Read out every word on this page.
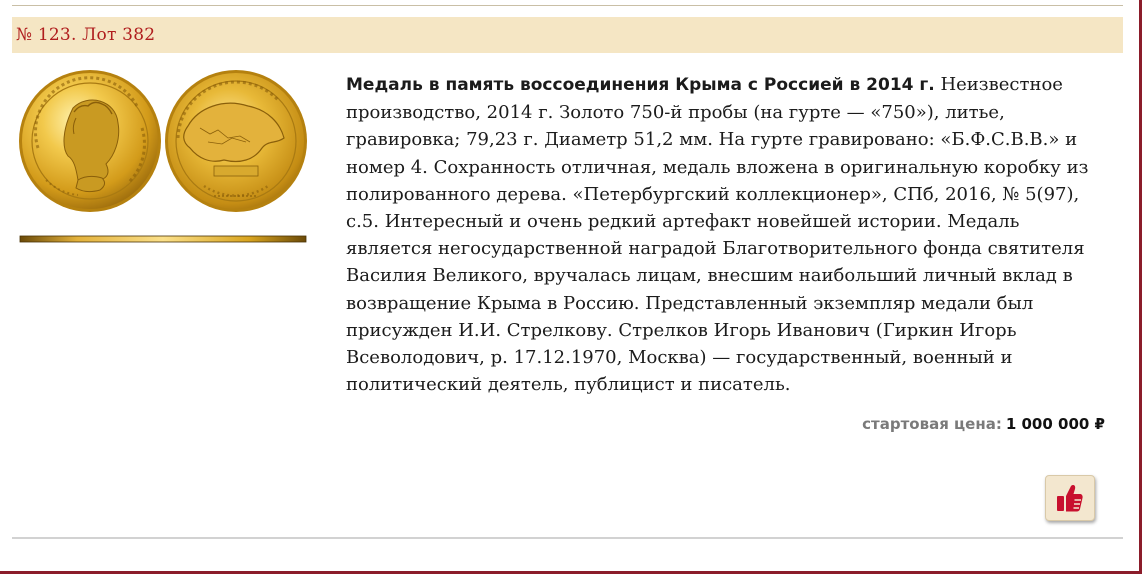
№ 123. Лот 382

Медаль в память воссоединения Крыма с Россией в 2014 г. Неизвестное производство, 2014 г. Золото 750-й пробы (на гурте — «750»), литье, гравировка; 79,23 г. Диаметр 51,2 мм. На гурте гравировано: «Б.Ф.С.В.В.» и номер 4. Сохранность отличная, медаль вложена в оригинальную коробку из полированного дерева. «Петербургский коллекционер», СПб, 2016, № 5(97), с.5. Интересный и очень редкий артефакт новейшей истории. Медаль является негосударственной наградой Благотворительного фонда святителя Василия Великого, вручалась лицам, внесшим наибольший личный вклад в возвращение Крыма в Россию. Представленный экземпляр медали был присужден И.И. Стрелкову. Стрелков Игорь Иванович (Гиркин Игорь Всеволодович, р. 17.12.1970, Москва) — государственный, военный и политический деятель, публицист и писатель.

стартовая цена: 1 000 000 ₽
